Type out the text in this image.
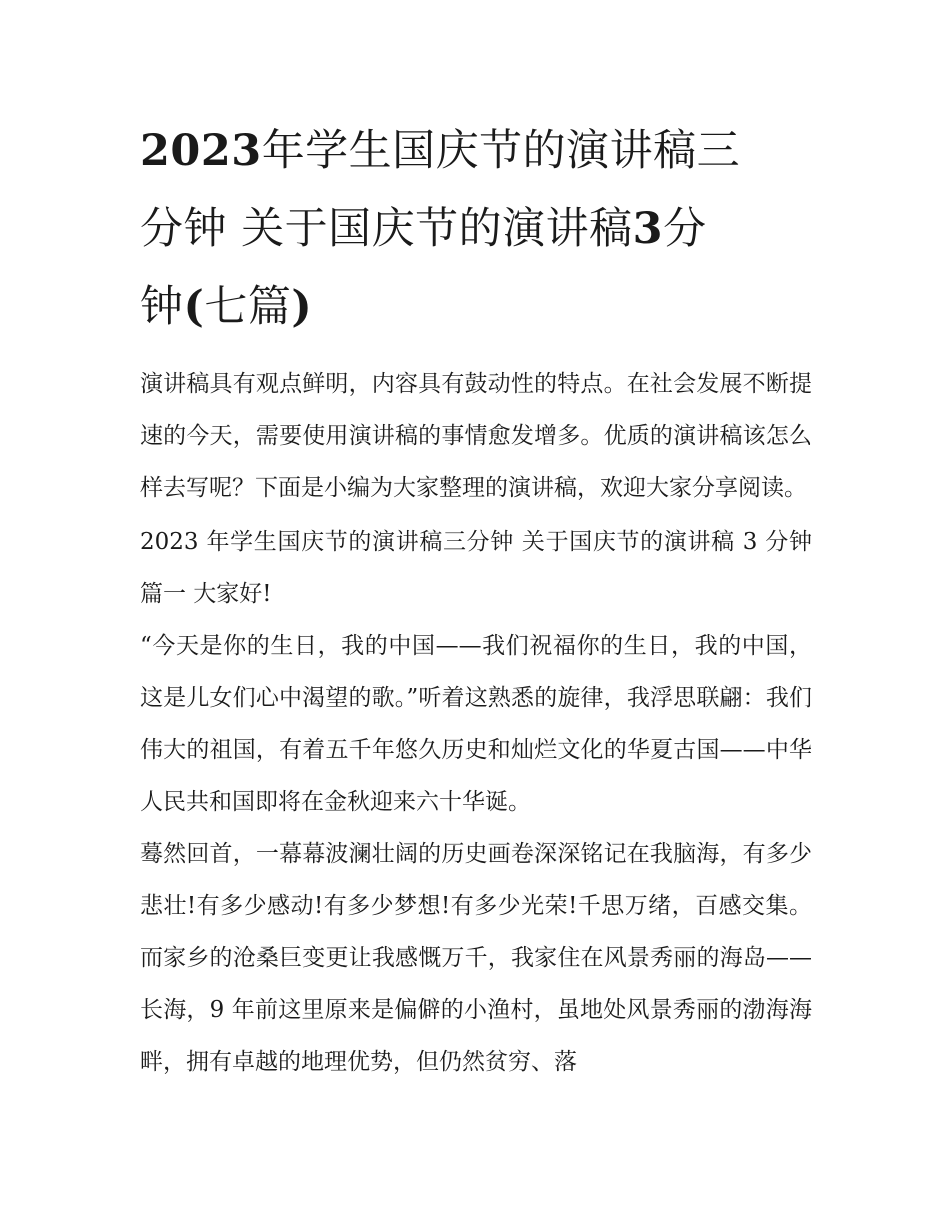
2023年学生国庆节的演讲稿三
分钟 关于国庆节的演讲稿3分
钟(七篇)

演讲稿具有观点鲜明，内容具有鼓动性的特点。在社会发展不断提速的今天，需要使用演讲稿的事情愈发增多。优质的演讲稿该怎么样去写呢？下面是小编为大家整理的演讲稿，欢迎大家分享阅读。

2023 年学生国庆节的演讲稿三分钟 关于国庆节的演讲稿 3 分钟篇一 大家好!

“今天是你的生日，我的中国——我们祝福你的生日，我的中国，这是儿女们心中渴望的歌。”听着这熟悉的旋律，我浮思联翩：我们伟大的祖国，有着五千年悠久历史和灿烂文化的华夏古国——中华人民共和国即将在金秋迎来六十华诞。

蓦然回首，一幕幕波澜壮阔的历史画卷深深铭记在我脑海，有多少悲壮!有多少感动!有多少梦想!有多少光荣!千思万绪，百感交集。而家乡的沧桑巨变更让我感慨万千，我家住在风景秀丽的海岛——长海，9 年前这里原来是偏僻的小渔村，虽地处风景秀丽的渤海海畔，拥有卓越的地理优势，但仍然贫穷、落
